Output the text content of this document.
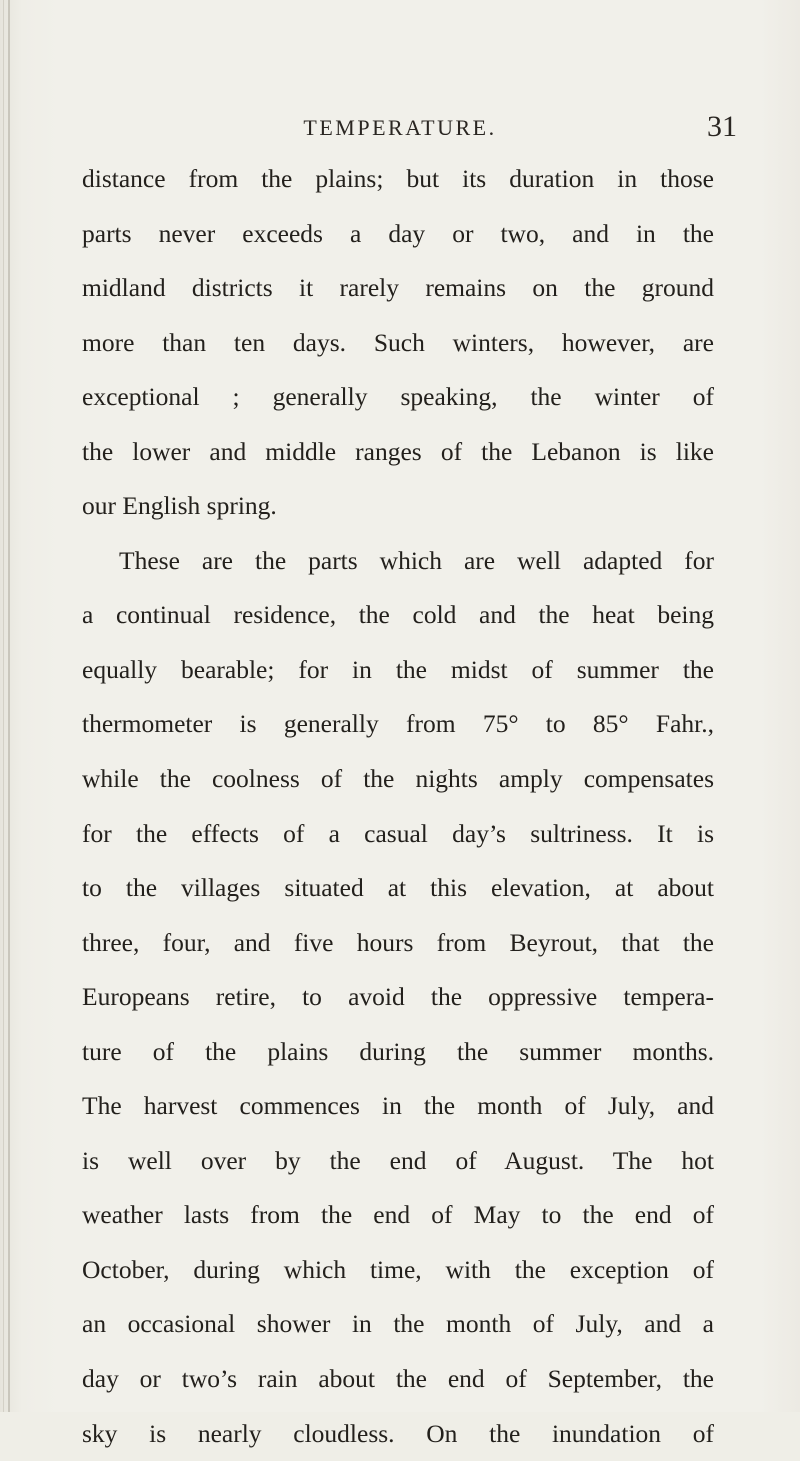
TEMPERATURE.	31
distance from the plains; but its duration in those
parts never exceeds a day or two, and in the
midland districts it rarely remains on the ground
more than ten days. Such winters, however, are
exceptional ; generally speaking, the winter of
the lower and middle ranges of the Lebanon is like
our English spring.
These are the parts which are well adapted for
a continual residence, the cold and the heat being
equally bearable; for in the midst of summer the
thermometer is generally from 75° to 85° Fahr.,
while the coolness of the nights amply compensates
for the effects of a casual day’s sultriness. It is
to the villages situated at this elevation, at about
three, four, and five hours from Beyrout, that the
Europeans retire, to avoid the oppressive tempera-
ture of the plains during the summer months.
The harvest commences in the month of July, and
is well over by the end of August. The hot
weather lasts from the end of May to the end of
October, during which time, with the exception of
an occasional shower in the month of July, and a
day or two’s rain about the end of September, the
sky is nearly cloudless. On the inundation of
